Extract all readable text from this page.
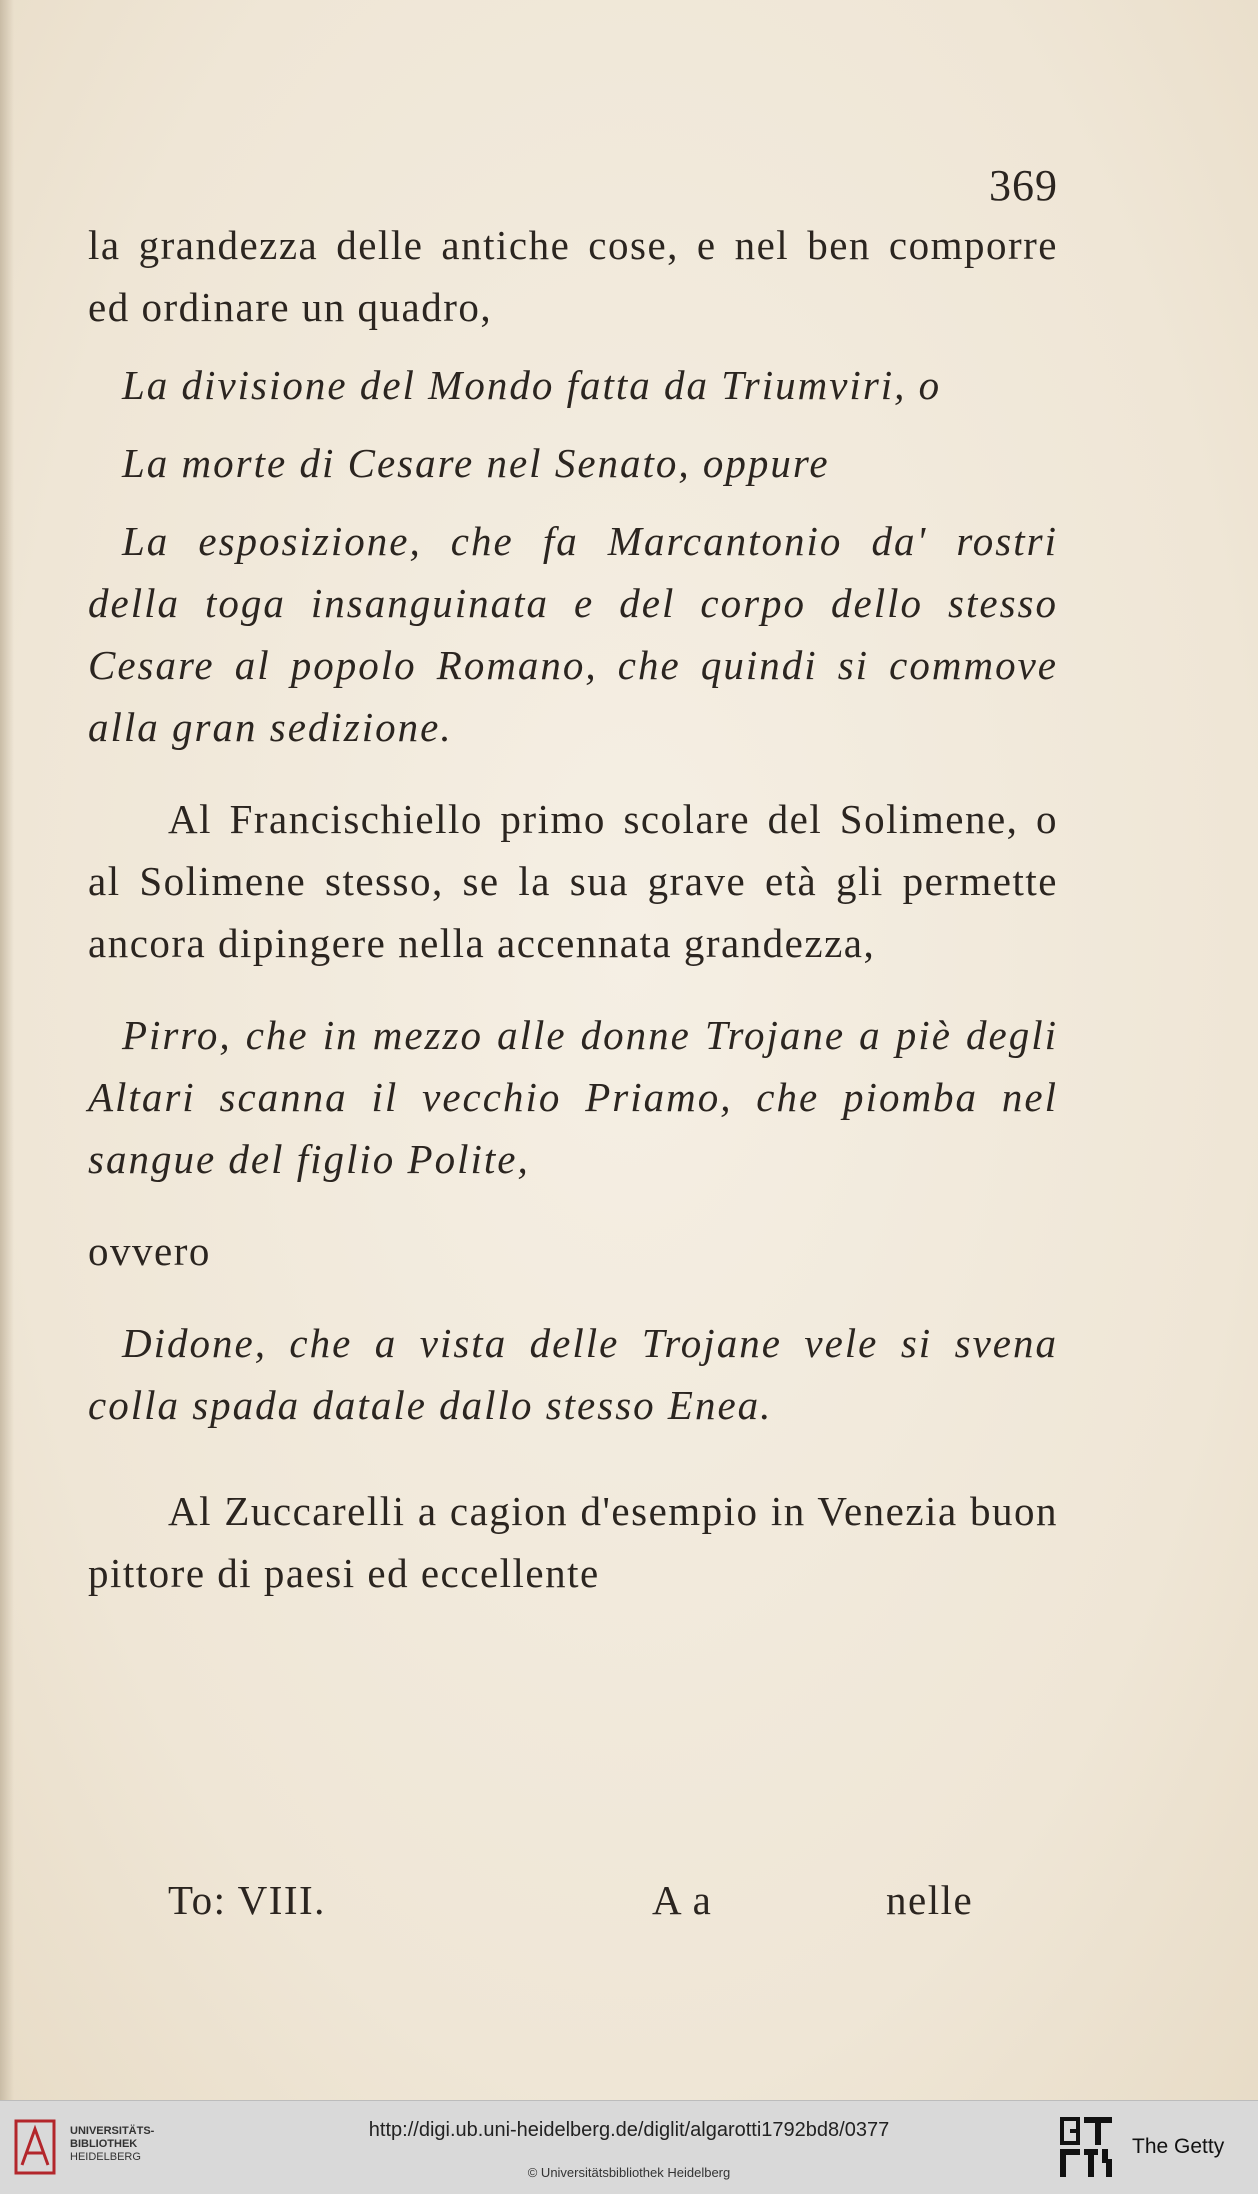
369

la grandezza delle antiche cose, e nel ben comporre ed ordinare un quadro,

La divisione del Mondo fatta da Triumviri, o

La morte di Cesare nel Senato, oppure

La esposizione, che fa Marcantonio da' rostri della toga insanguinata e del corpo dello stesso Cesare al popolo Romano, che quindi si commove alla gran sedizione.

Al Francischiello primo scolare del Solimene, o al Solimene stesso, se la sua grave età gli permette ancora dipingere nella accennata grandezza,

Pirro, che in mezzo alle donne Trojane a piè degli Altari scanna il vecchio Priamo, che piomba nel sangue del figlio Polite,

ovvero

Didone, che a vista delle Trojane vele si svena colla spada datale dallo stesso Enea.

Al Zuccarelli a cagion d'esempio in Venezia buon pittore di paesi ed eccellente

To: VIII.	A a	nelle
UNIVERSITÄTS-
BIBLIOTHEK
HEIDELBERG
http://digi.ub.uni-heidelberg.de/diglit/algarotti1792bd8/0377
© Universitätsbibliothek Heidelberg
The Getty
